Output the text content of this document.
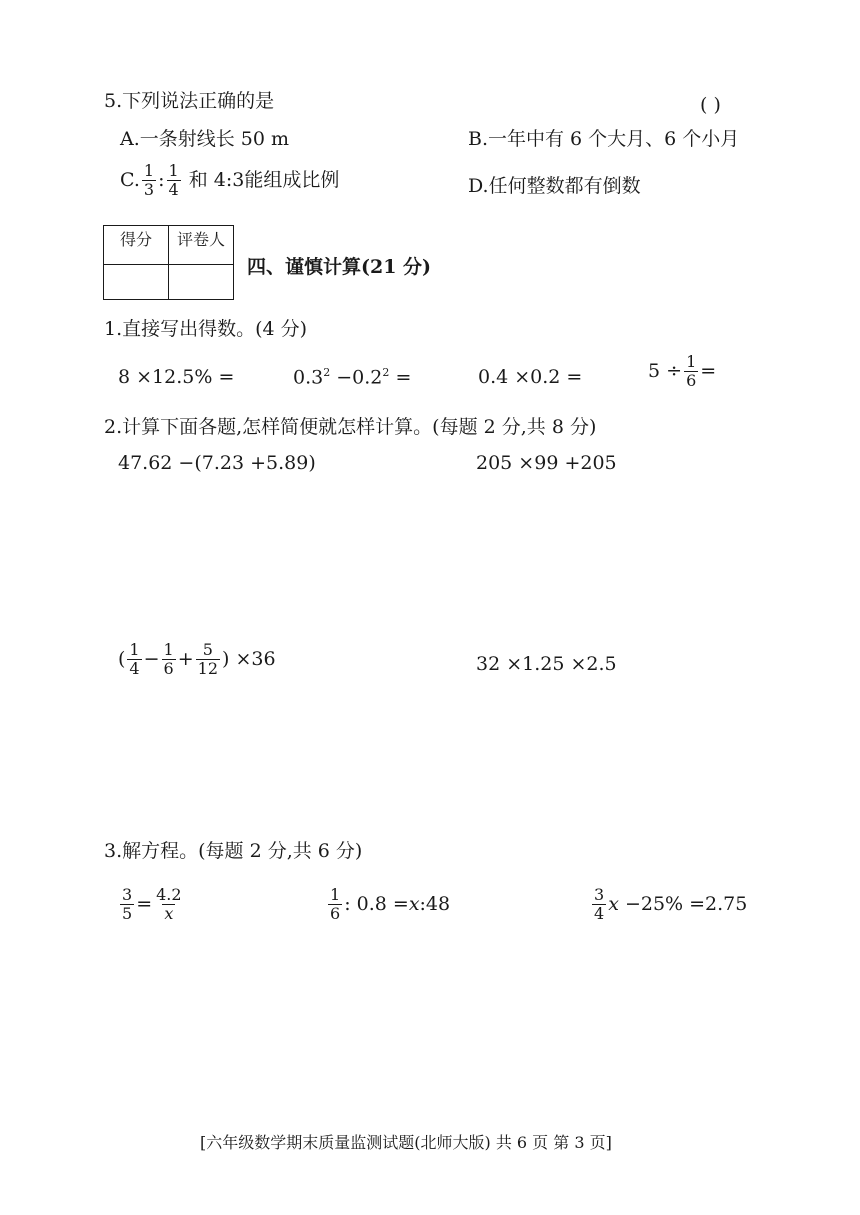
5.下列说法正确的是	( )
A.一条射线长 50 m	B.一年中有 6 个大月、6 个小月
C. $\frac{1}{3}$ : $\frac{1}{4}$ 和 4:3能组成比例	D.任何整数都有倒数
得分	评卷人

四、谨慎计算(21 分)
1.直接写出得数。(4 分)
8 ×12.5% =	$0.3^2 -0.2^2$ =	0.4 ×0.2 =	$5 \div \frac{1}{6}$ =
2.计算下面各题,怎样简便就怎样计算。(每题 2 分,共 8 分)
47.62 −(7.23 +5.89)	205 ×99 +205
( $\frac{1}{4} - \frac{1}{6} + \frac{5}{12}$ ) ×36	32 ×1.25 ×2.5
3.解方程。(每题 2 分,共 6 分)
$\frac{3}{5} = \frac{4.2}{x}$	$\frac{1}{6}$ : 0.8 =x:48	$\frac{3}{4}$ x −25% =2.75
[六年级数学期末质量监测试题(北师大版) 共 6 页 第 3 页]
